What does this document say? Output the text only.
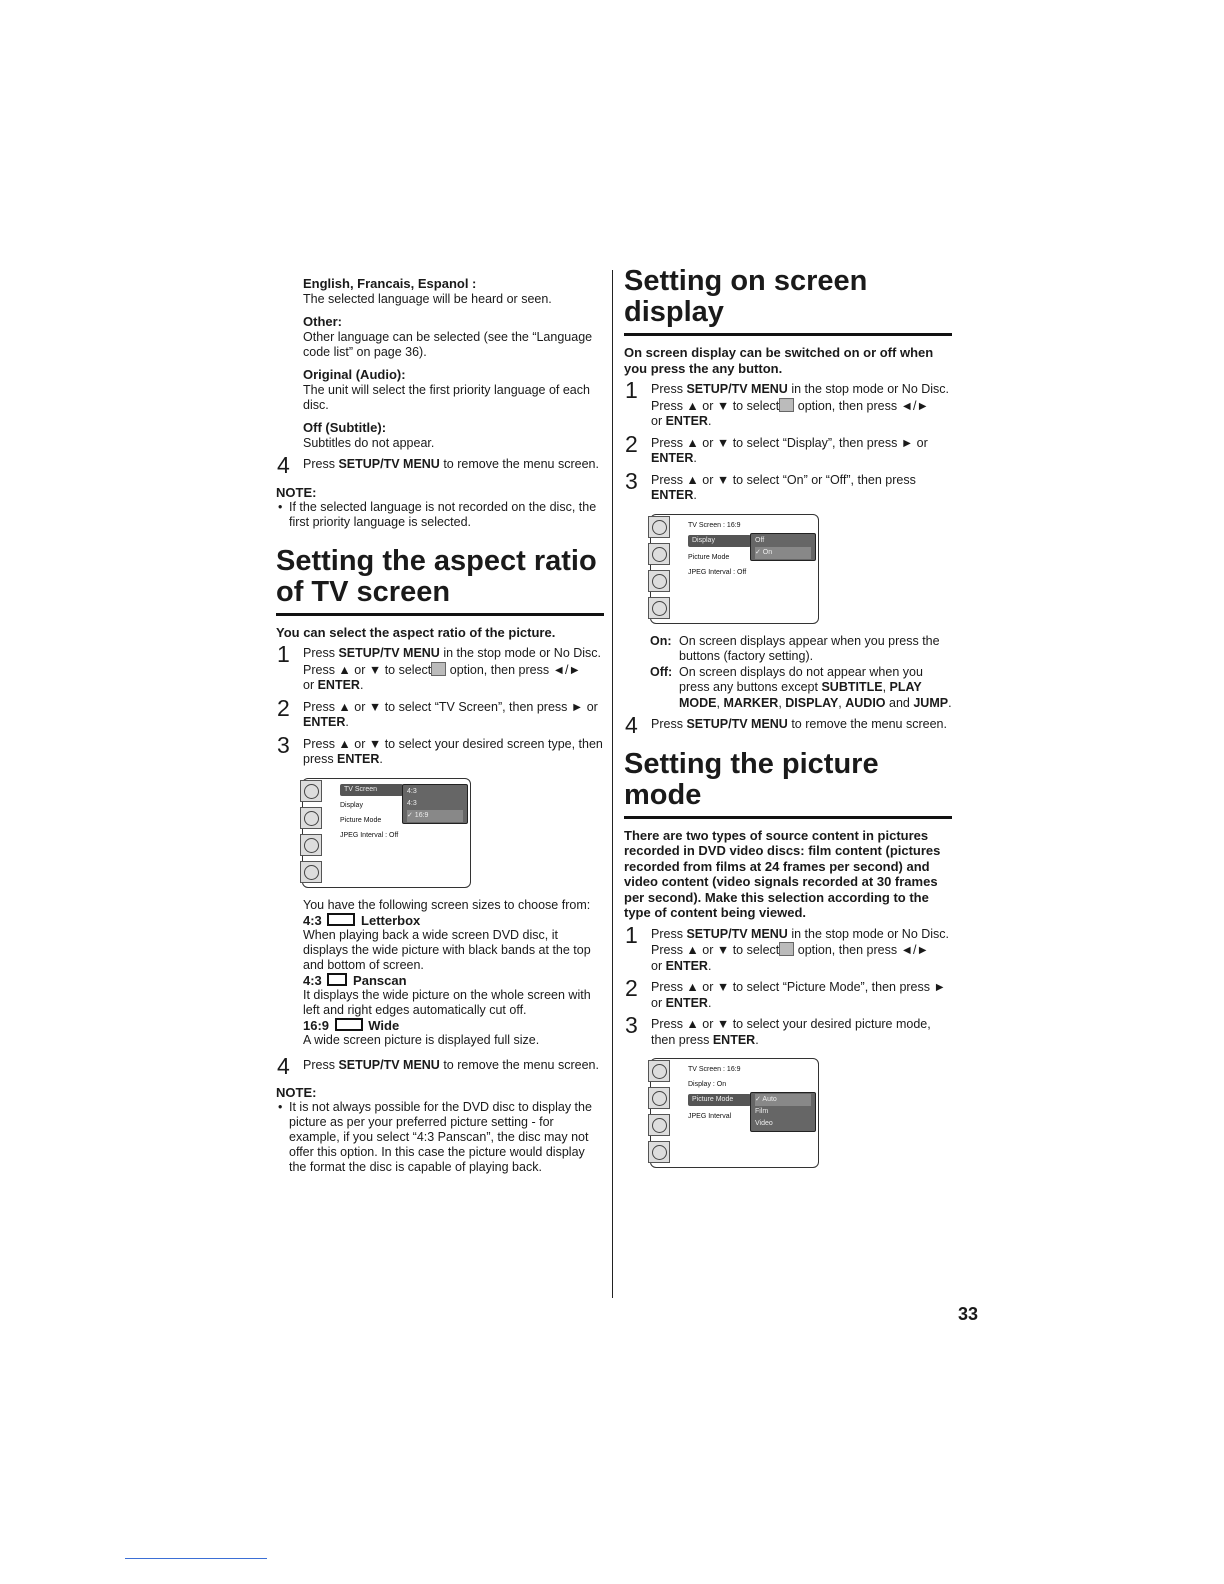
English, Francais, Espanol :
The selected language will be heard or seen.
Other:
Other language can be selected (see the “Language code list” on page 36).
Original (Audio):
The unit will select the first priority language of each disc.
Off (Subtitle):
Subtitles do not appear.
4 Press SETUP/TV MENU to remove the menu screen.
NOTE:
• If the selected language is not recorded on the disc, the first priority language is selected.
Setting the aspect ratio of TV screen
You can select the aspect ratio of the picture.
1 Press SETUP/TV MENU in the stop mode or No Disc.
Press ▲ or ▼ to select option, then press ◄/►
or ENTER.
2 Press ▲ or ▼ to select “TV Screen”, then press ► or ENTER.
3 Press ▲ or ▼ to select your desired screen type, then press ENTER.
TV Screen
Display
Picture Mode
JPEG Interval : Off
4:3
4:3
✓ 16:9
You have the following screen sizes to choose from:
4:3	Letterbox
When playing back a wide screen DVD disc, it displays the wide picture with black bands at the top and bottom of screen.
4:3 Panscan
It displays the wide picture on the whole screen with left and right edges automatically cut off.
16:9	Wide
A wide screen picture is displayed full size.
4 Press SETUP/TV MENU to remove the menu screen.
NOTE:
• It is not always possible for the DVD disc to display the picture as per your preferred picture setting - for example, if you select “4:3 Panscan”, the disc may not offer this option. In this case the picture would display the format the disc is capable of playing back.
Setting on screen display
On screen display can be switched on or off when you press the any button.
1 Press SETUP/TV MENU in the stop mode or No Disc.
Press ▲ or ▼ to select option, then press ◄/►
or ENTER.
2 Press ▲ or ▼ to select “Display”, then press ► or ENTER.
3 Press ▲ or ▼ to select “On” or “Off”, then press ENTER.
TV Screen : 16:9
Display
Picture Mode
JPEG Interval : Off
Off
✓ On
On: On screen displays appear when you press the buttons (factory setting).
Off: On screen displays do not appear when you press any buttons except SUBTITLE, PLAY MODE, MARKER, DISPLAY, AUDIO and JUMP.
4 Press SETUP/TV MENU to remove the menu screen.
Setting the picture mode
There are two types of source content in pictures recorded in DVD video discs: film content (pictures recorded from films at 24 frames per second) and video content (video signals recorded at 30 frames per second). Make this selection according to the type of content being viewed.
1 Press SETUP/TV MENU in the stop mode or No Disc.
Press ▲ or ▼ to select option, then press ◄/►
or ENTER.
2 Press ▲ or ▼ to select “Picture Mode”, then press ► or ENTER.
3 Press ▲ or ▼ to select your desired picture mode, then press ENTER.
TV Screen : 16:9
Display : On
Picture Mode
JPEG Interval
✓ Auto
Film
Video
33
